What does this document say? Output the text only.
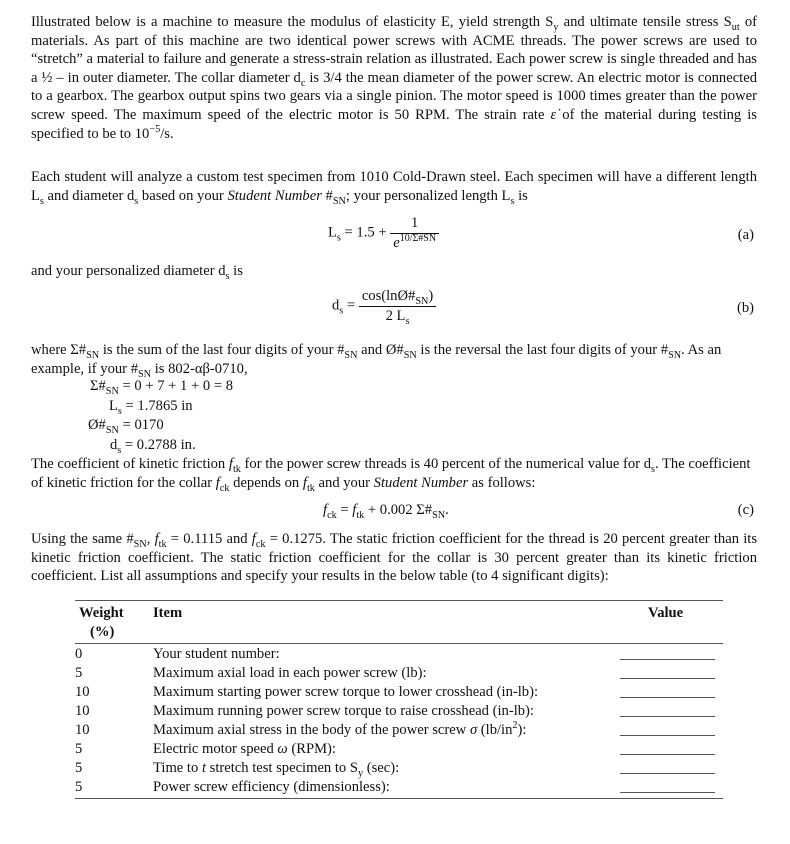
Illustrated below is a machine to measure the modulus of elasticity E, yield strength $S_y$ and ultimate tensile stress $S_{ut}$ of materials. As part of this machine are two identical power screws with ACME threads. The power screws are used to “stretch” a material to failure and generate a stress-strain relation as illustrated. Each power screw is single threaded and has a ½ – in outer diameter. The collar diameter $d_c$ is 3/4 the mean diameter of the power screw. An electric motor is connected to a gearbox. The gearbox output spins two gears via a single pinion. The motor speed is 1000 times greater than the power screw speed. The maximum speed of the electric motor is 50 RPM. The strain rate ε̇ of the material during testing is specified to be to $10^{-5}/s$.
Each student will analyze a custom test specimen from 1010 Cold-Drawn steel. Each specimen will have a different length $L_s$ and diameter $d_s$ based on your Student Number $\#_{SN}$; your personalized length $L_s$ is
$L_s = 1.5 + \frac{1}{e^{10/\Sigma\#SN}}$	(a)
and your personalized diameter $d_s$ is
$d_s = \frac{\cos(\ln Ø\#_{SN})}{2 L_s}$	(b)
where $\Sigma\#_{SN}$ is the sum of the last four digits of your $\#_{SN}$ and $Ø\#_{SN}$ is the reversal the last four digits of your $\#_{SN}$. As an example, if your $\#_{SN}$ is 802-αβ-0710,
$\Sigma\#_{SN} = 0 + 7 + 1 + 0 = 8$
$L_s = 1.7865$ in
$Ø\#_{SN} = 0170$
$d_s = 0.2788$ in.
The coefficient of kinetic friction $f_{tk}$ for the power screw threads is 40 percent of the numerical value for $d_s$. The coefficient of kinetic friction for the collar $f_{ck}$ depends on $f_{tk}$ and your Student Number as follows:
$f_{ck} = f_{tk} + 0.002$ $\Sigma\#_{SN}$.	(c)
Using the same $\#_{SN}$, $f_{tk} = 0.1115$ and $f_{ck} = 0.1275$. The static friction coefficient for the thread is 20 percent greater than its kinetic friction coefficient. The static friction coefficient for the collar is 30 percent greater than its kinetic friction coefficient. List all assumptions and specify your results in the below table (to 4 significant digits):
Weight
(%)
Item	Value
0	Your student number:
5	Maximum axial load in each power screw (lb):
10	Maximum starting power screw torque to lower crosshead (in-lb):
10	Maximum running power screw torque to raise crosshead (in-lb):
10	Maximum axial stress in the body of the power screw σ $(lb/in^2)$:
5	Electric motor speed ω (RPM):
5	Time to t stretch test specimen to $S_y$ (sec):
5	Power screw efficiency (dimensionless):
